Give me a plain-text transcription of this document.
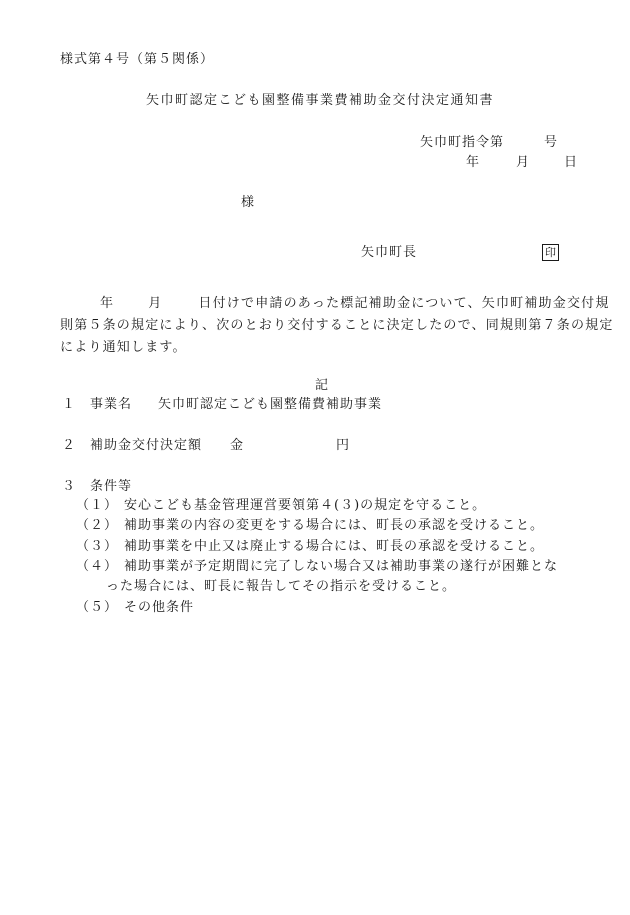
様式第４号（第５関係）
矢巾町認定こども園整備事業費補助金交付決定通知書
矢巾町指令第	号
年	月	日
様
矢巾町長	印
年	月	日付けで申請のあった標記補助金について、矢巾町補助金交付規則第５条の規定により、次のとおり交付することに決定したので、同規則第７条の規定により通知します。
記
１ 事業名 矢巾町認定こども園整備費補助事業
２ 補助金交付決定額 金	円
３ 条件等
（１） 安心こども基金管理運営要領第４(３)の規定を守ること。
（２） 補助事業の内容の変更をする場合には、町長の承認を受けること。
（３） 補助事業を中止又は廃止する場合には、町長の承認を受けること。
（４） 補助事業が予定期間に完了しない場合又は補助事業の遂行が困難とな
った場合には、町長に報告してその指示を受けること。
（５） その他条件
